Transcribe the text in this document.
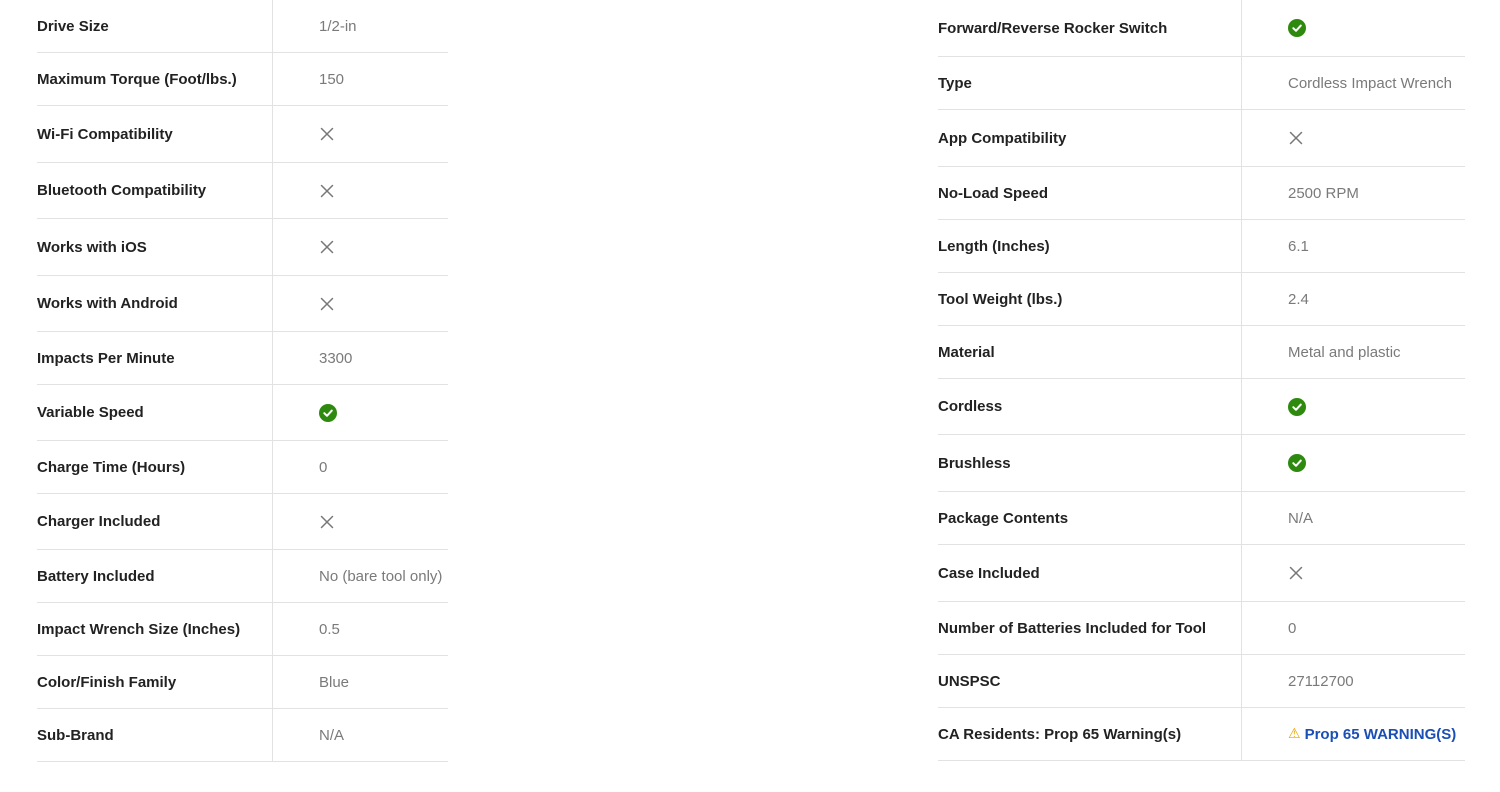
Drive Size	1/2-in
Maximum Torque (Foot/lbs.)	150
Wi-Fi Compatibility
Bluetooth Compatibility
Works with iOS
Works with Android
Impacts Per Minute	3300
Variable Speed
Charge Time (Hours)	0
Charger Included
Battery Included	No (bare tool only)
Impact Wrench Size (Inches)	0.5
Color/Finish Family	Blue
Sub-Brand	N/A
Forward/Reverse Rocker Switch
Type	Cordless Impact Wrench
App Compatibility
No-Load Speed	2500 RPM
Length (Inches)	6.1
Tool Weight (lbs.)	2.4
Material	Metal and plastic
Cordless
Brushless
Package Contents	N/A
Case Included
Number of Batteries Included for Tool	0
UNSPSC	27112700
CA Residents: Prop 65 Warning(s)	⚠ Prop 65 WARNING(S)
